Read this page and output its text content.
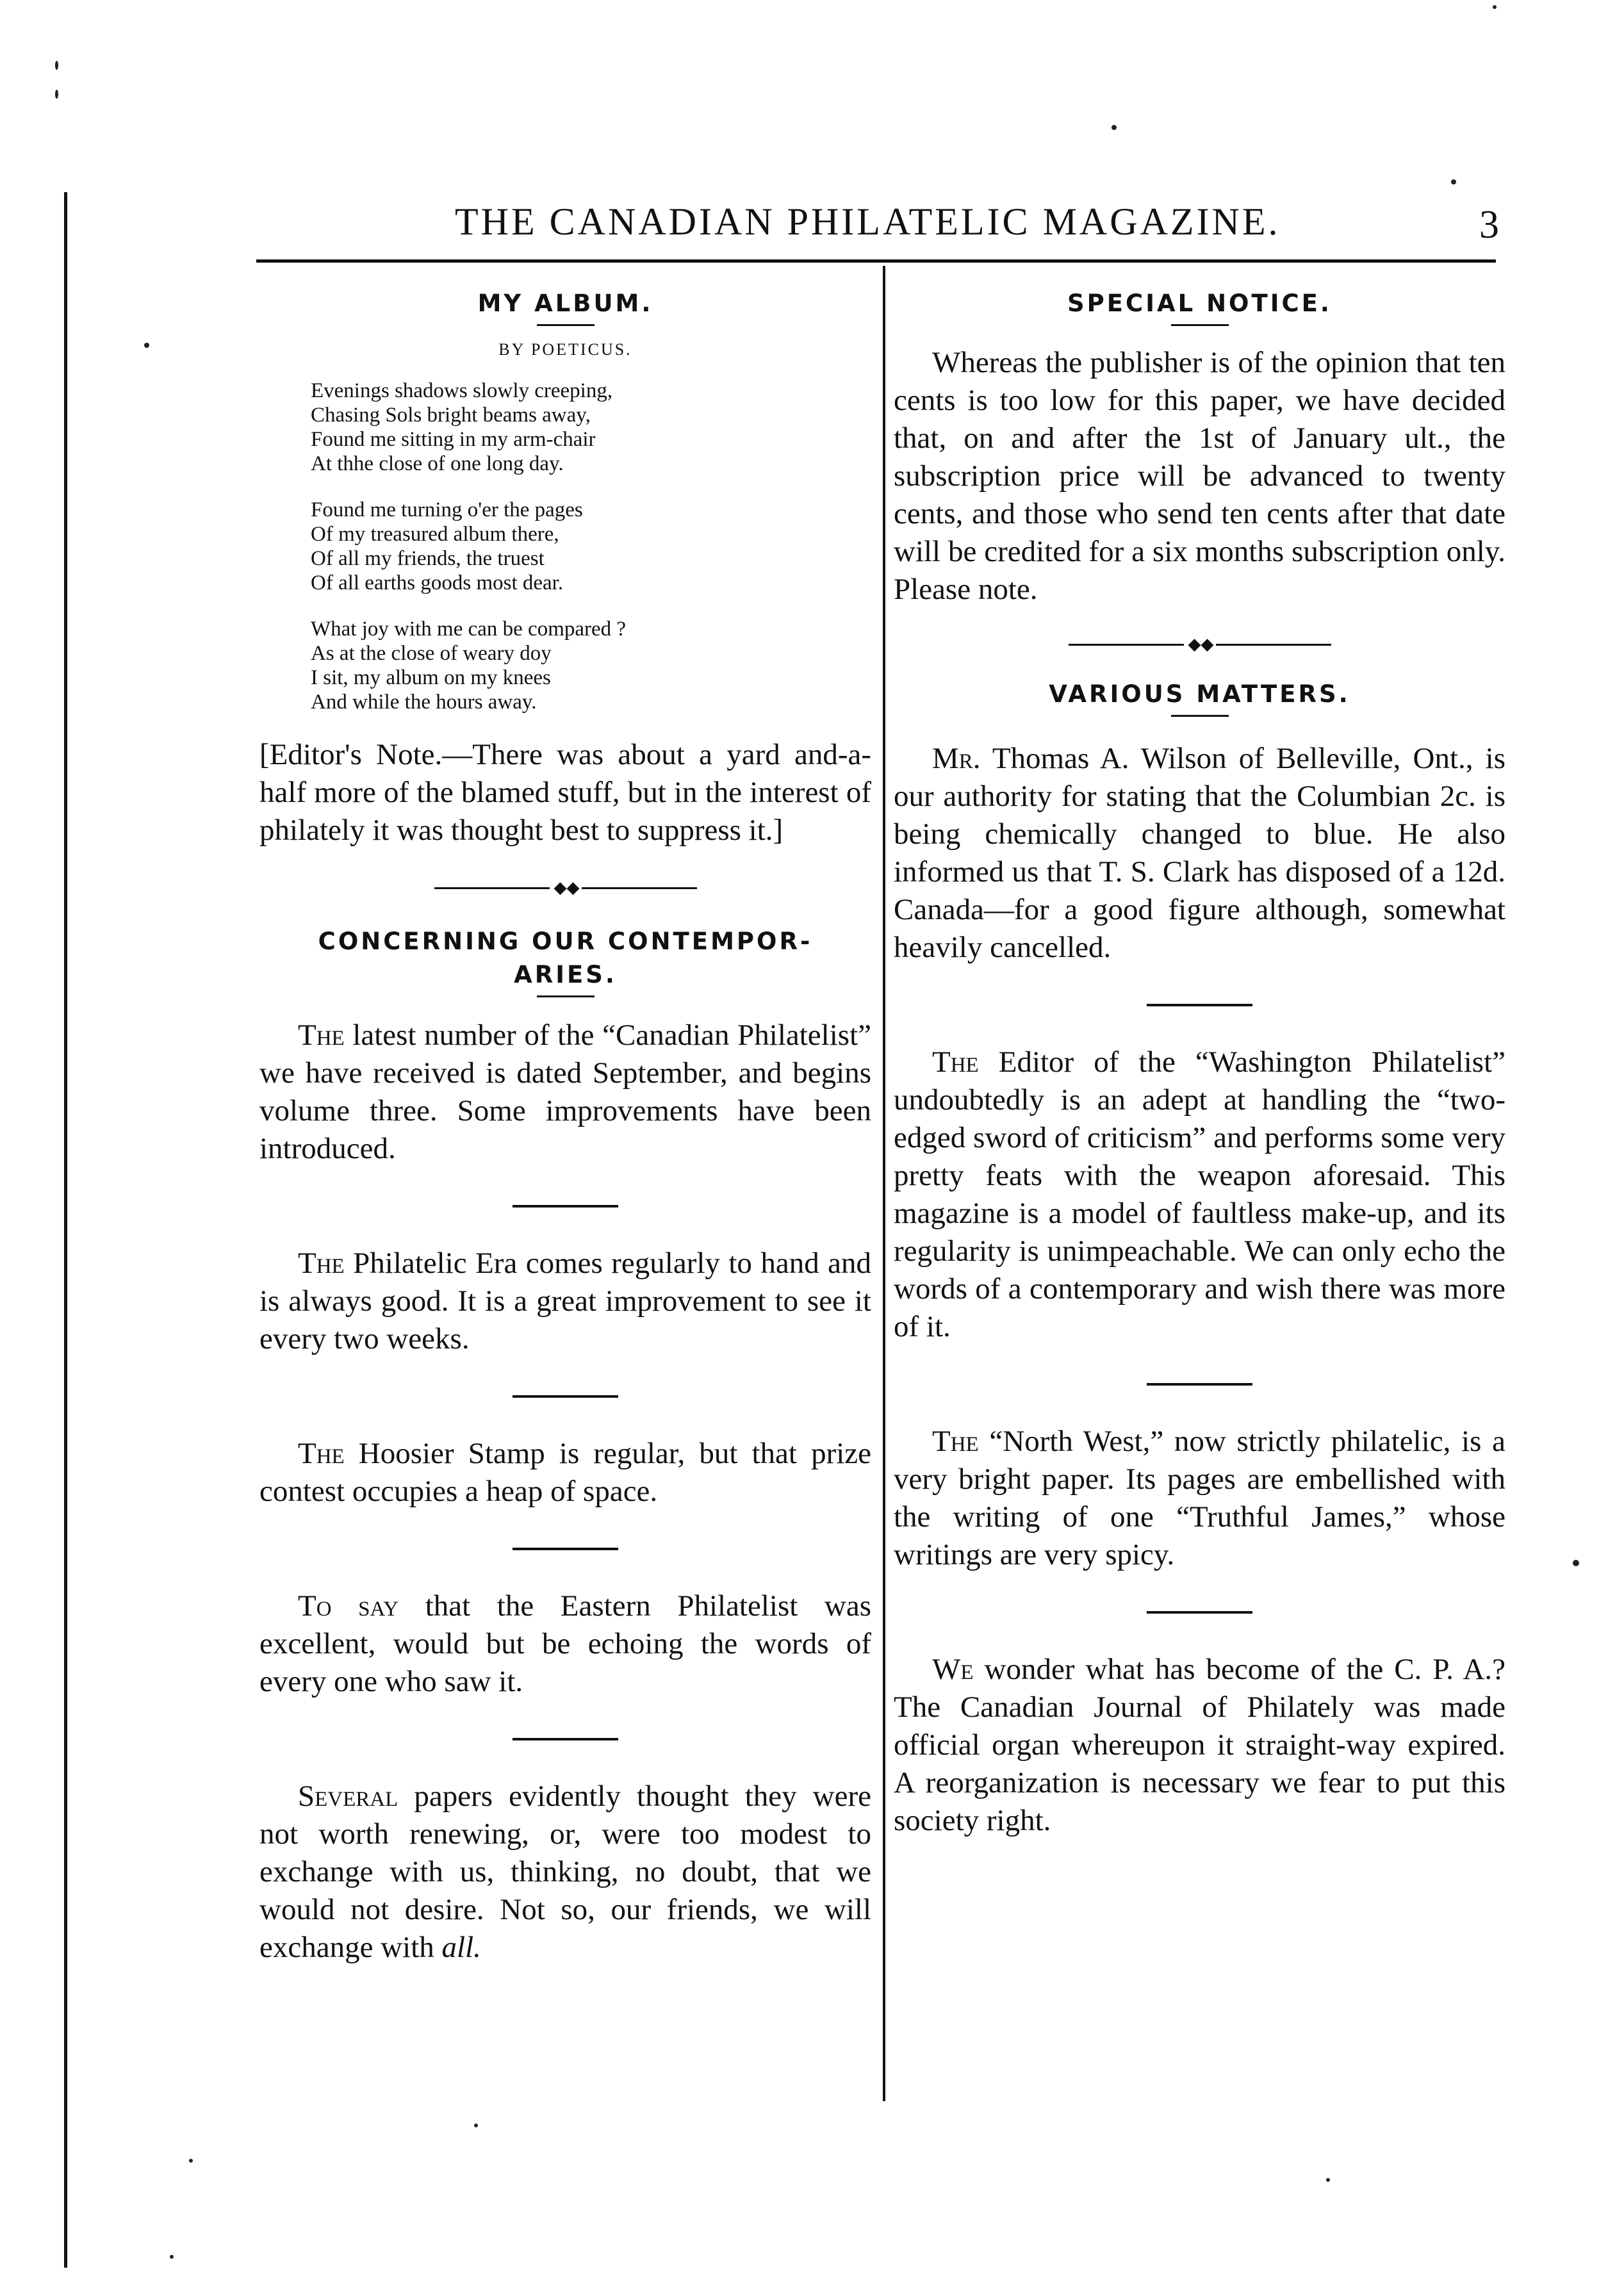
THE CANADIAN PHILATELIC MAGAZINE.	3
MY ALBUM.
BY POETICUS.
Evenings shadows slowly creeping,
Chasing Sols bright beams away,
Found me sitting in my arm-chair
At thhe close of one long day.
Found me turning o'er the pages
Of my treasured album there,
Of all my friends, the truest
Of all earths goods most dear.
What joy with me can be compared ?
As at the close of weary doy
I sit, my album on my knees
And while the hours away.

[Editor's Note.—There was about a yard and-a-half more of the blamed stuff, but in the interest of philately it was thought best to suppress it.]

◆◆
CONCERNING OUR CONTEMPOR-
ARIES.

The latest number of the “Canadian Philatelist” we have received is dated September, and begins volume three. Some improvements have been introduced.

The Philatelic Era comes regularly to hand and is always good. It is a great improvement to see it every two weeks.

The Hoosier Stamp is regular, but that prize contest occupies a heap of space.

To say that the Eastern Philatelist was excellent, would but be echoing the words of every one who saw it.

Several papers evidently thought they were not worth renewing, or, were too modest to exchange with us, thinking, no doubt, that we would not desire. Not so, our friends, we will exchange with all.

SPECIAL NOTICE.

Whereas the publisher is of the opinion that ten cents is too low for this paper, we have decided that, on and after the 1st of January ult., the subscription price will be advanced to twenty cents, and those who send ten cents after that date will be credited for a six months subscription only. Please note.

◆◆
VARIOUS MATTERS.

Mr. Thomas A. Wilson of Belleville, Ont., is our authority for stating that the Columbian 2c. is being chemically changed to blue. He also informed us that T. S. Clark has disposed of a 12d. Canada—for a good figure although, somewhat heavily cancelled.

The Editor of the “Washington Philatelist” undoubtedly is an adept at handling the “two-edged sword of criticism” and performs some very pretty feats with the weapon aforesaid. This magazine is a model of faultless make-up, and its regularity is unimpeachable. We can only echo the words of a contemporary and wish there was more of it.

The “North West,” now strictly philatelic, is a very bright paper. Its pages are embellished with the writing of one “Truthful James,” whose writings are very spicy.

We wonder what has become of the C. P. A.? The Canadian Journal of Philately was made official organ whereupon it straight-way expired. A reorganization is necessary we fear to put this society right.
